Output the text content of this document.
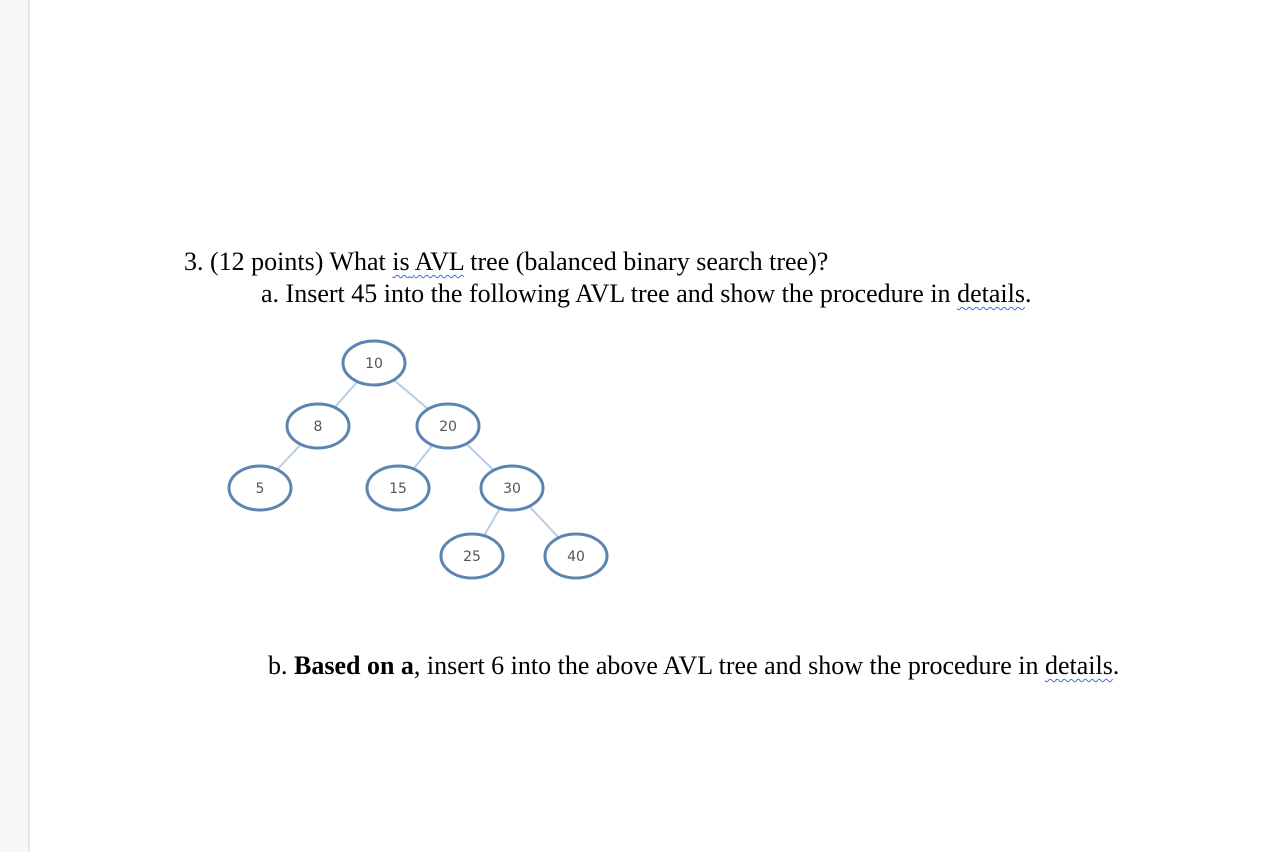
3. (12 points) What is AVL tree (balanced binary search tree)?
a. Insert 45 into the following AVL tree and show the procedure in details.
10
8	20
5	15	30
25	40
b. Based on a, insert 6 into the above AVL tree and show the procedure in details.
